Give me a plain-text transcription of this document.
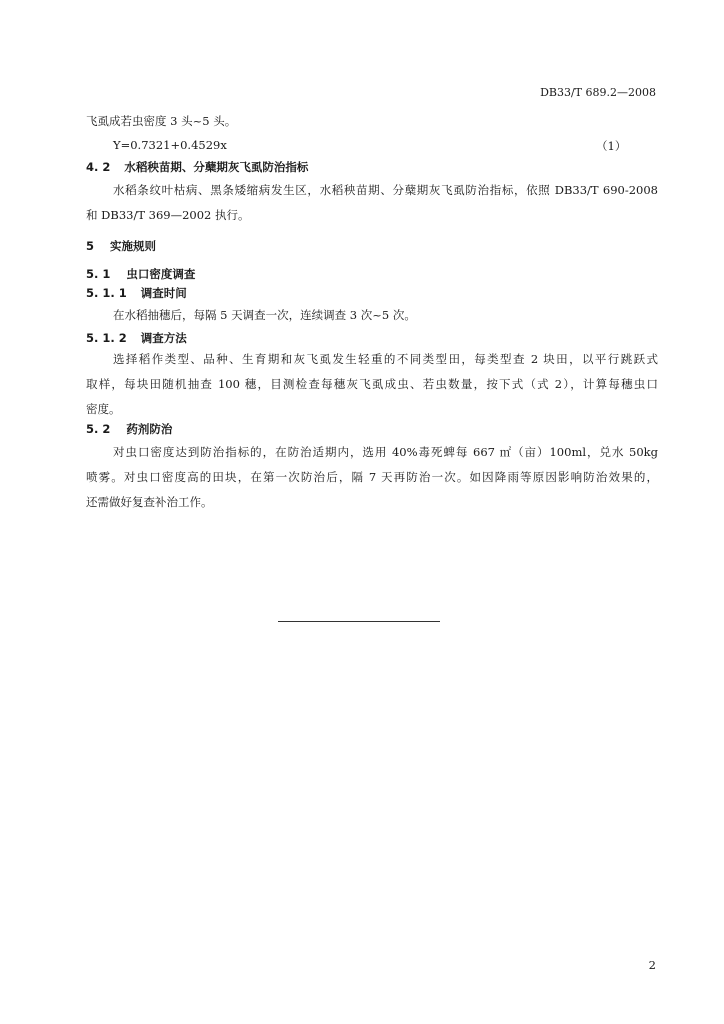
DB33/T 689.2—2008
飞虱成若虫密度 3 头~5 头。
Y=0.7321+0.4529x	（1）
4. 2 水稻秧苗期、分蘖期灰飞虱防治指标
水稻条纹叶枯病、黑条矮缩病发生区，水稻秧苗期、分蘖期灰飞虱防治指标，依照 DB33/T 690-2008
和 DB33/T 369—2002 执行。
5 实施规则
5. 1 虫口密度调查
5. 1. 1 调查时间
在水稻抽穗后，每隔 5 天调查一次，连续调查 3 次~5 次。
5. 1. 2 调查方法
选择稻作类型、品种、生育期和灰飞虱发生轻重的不同类型田，每类型查 2 块田，以平行跳跃式
取样，每块田随机抽查 100 穗，目测检查每穗灰飞虱成虫、若虫数量，按下式（式 2），计算每穗虫口
密度。
5. 2 药剂防治
对虫口密度达到防治指标的，在防治适期内，选用 40%毒死蜱每 667 ㎡（亩）100ml，兑水 50kg
喷雾。对虫口密度高的田块，在第一次防治后，隔 7 天再防治一次。如因降雨等原因影响防治效果的，
还需做好复查补治工作。
2
